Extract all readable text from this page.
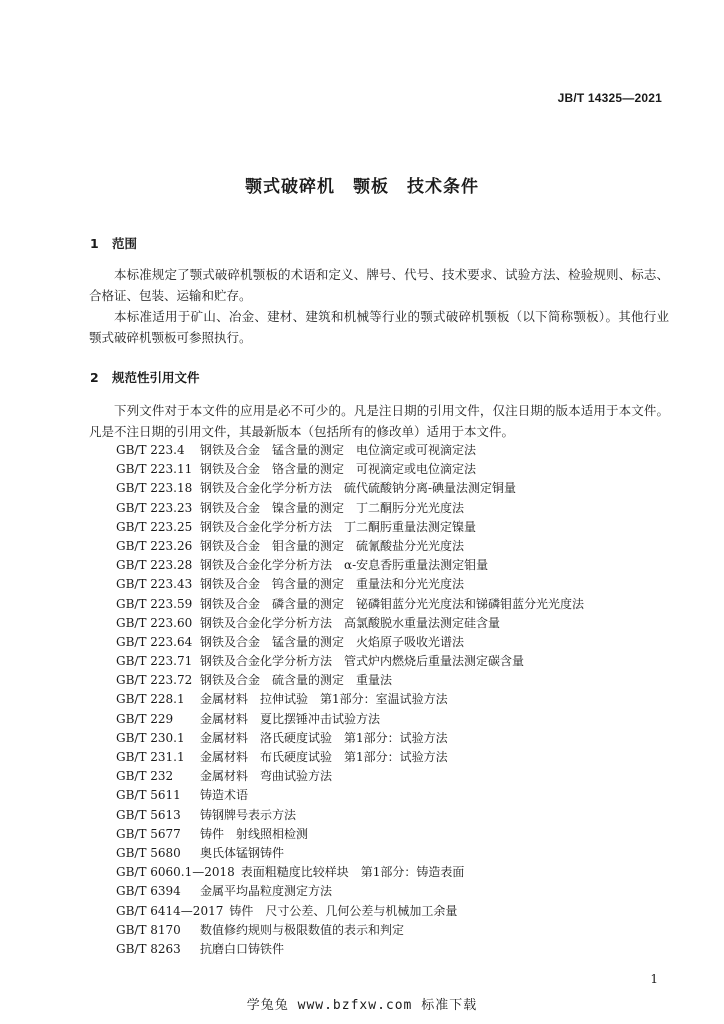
JB/T 14325—2021
颚式破碎机　颚板　技术条件
1 范围
本标准规定了颚式破碎机颚板的术语和定义、牌号、代号、技术要求、试验方法、检验规则、标志、合格证、包装、运输和贮存。
本标准适用于矿山、冶金、建材、建筑和机械等行业的颚式破碎机颚板（以下简称颚板）。其他行业颚式破碎机颚板可参照执行。
2 规范性引用文件
下列文件对于本文件的应用是必不可少的。凡是注日期的引用文件，仅注日期的版本适用于本文件。凡是不注日期的引用文件，其最新版本（包括所有的修改单）适用于本文件。
GB/T 223.4 钢铁及合金　锰含量的测定　电位滴定或可视滴定法
GB/T 223.11 钢铁及合金　铬含量的测定　可视滴定或电位滴定法
GB/T 223.18 钢铁及合金化学分析方法　硫代硫酸钠分离-碘量法测定铜量
GB/T 223.23 钢铁及合金　镍含量的测定　丁二酮肟分光光度法
GB/T 223.25 钢铁及合金化学分析方法　丁二酮肟重量法测定镍量
GB/T 223.26 钢铁及合金　钼含量的测定　硫氰酸盐分光光度法
GB/T 223.28 钢铁及合金化学分析方法　α-安息香肟重量法测定钼量
GB/T 223.43 钢铁及合金　钨含量的测定　重量法和分光光度法
GB/T 223.59 钢铁及合金　磷含量的测定　铋磷钼蓝分光光度法和锑磷钼蓝分光光度法
GB/T 223.60 钢铁及合金化学分析方法　高氯酸脱水重量法测定硅含量
GB/T 223.64 钢铁及合金　锰含量的测定　火焰原子吸收光谱法
GB/T 223.71 钢铁及合金化学分析方法　管式炉内燃烧后重量法测定碳含量
GB/T 223.72 钢铁及合金　硫含量的测定　重量法
GB/T 228.1 金属材料　拉伸试验　第1部分：室温试验方法
GB/T 229 金属材料　夏比摆锤冲击试验方法
GB/T 230.1 金属材料　洛氏硬度试验　第1部分：试验方法
GB/T 231.1 金属材料　布氏硬度试验　第1部分：试验方法
GB/T 232 金属材料　弯曲试验方法
GB/T 5611 铸造术语
GB/T 5613 铸钢牌号表示方法
GB/T 5677 铸件　射线照相检测
GB/T 5680 奥氏体锰钢铸件
GB/T 6060.1—2018 表面粗糙度比较样块　第1部分：铸造表面
GB/T 6394 金属平均晶粒度测定方法
GB/T 6414—2017 铸件　尺寸公差、几何公差与机械加工余量
GB/T 8170 数值修约规则与极限数值的表示和判定
GB/T 8263 抗磨白口铸铁件
1
学兔兔 www.bzfxw.com 标准下载
